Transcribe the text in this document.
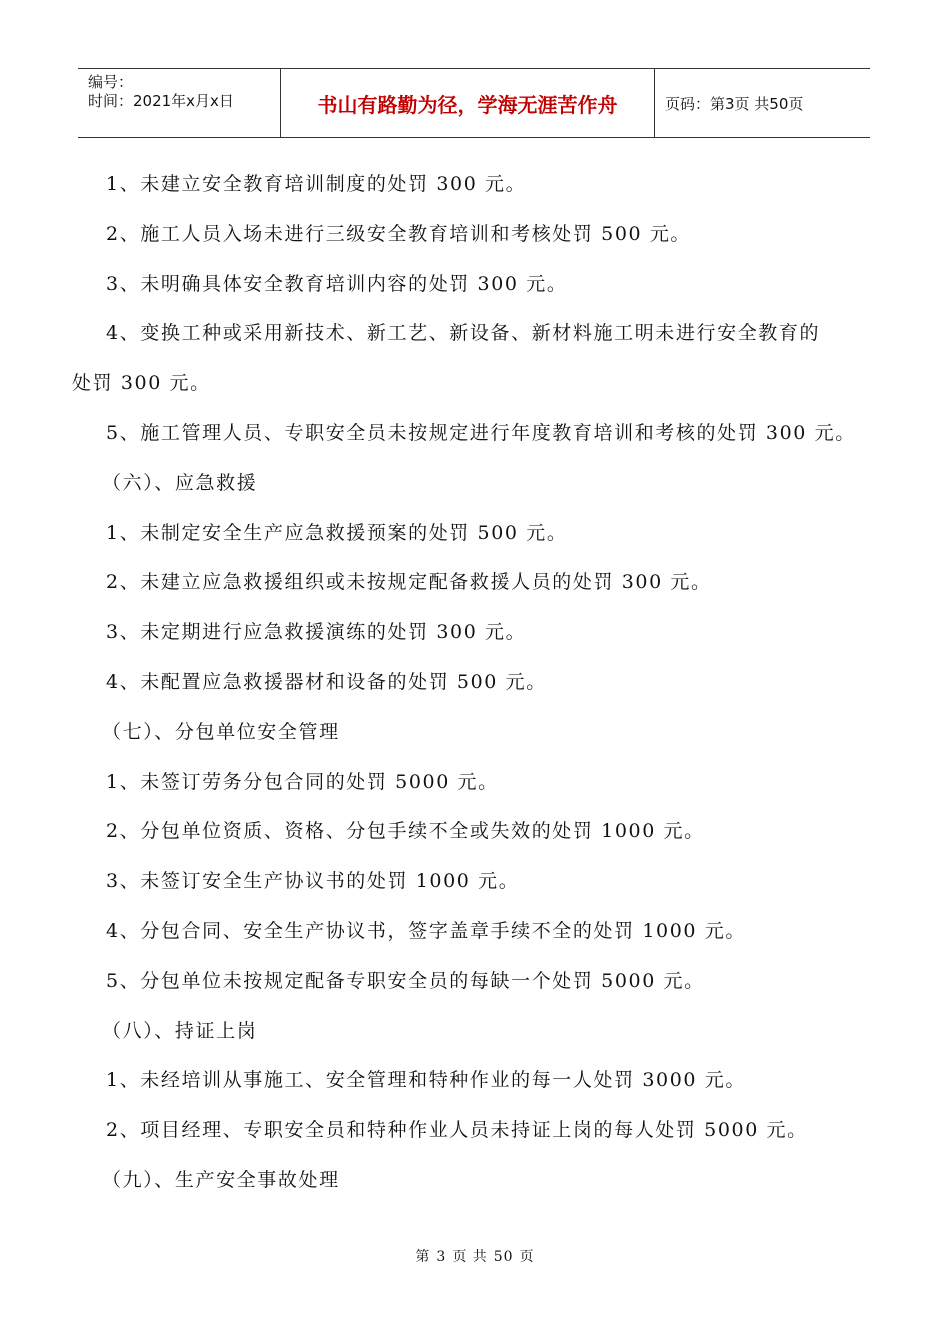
编号：
时间：2021年x月x日	书山有路勤为径，学海无涯苦作舟	页码：第3页 共50页
1、未建立安全教育培训制度的处罚 300 元。
2、施工人员入场未进行三级安全教育培训和考核处罚 500 元。
3、未明确具体安全教育培训内容的处罚 300 元。
4、变换工种或采用新技术、新工艺、新设备、新材料施工明未进行安全教育的
处罚 300 元。
5、施工管理人员、专职安全员未按规定进行年度教育培训和考核的处罚 300 元。
（六）、应急救援
1、未制定安全生产应急救援预案的处罚 500 元。
2、未建立应急救援组织或未按规定配备救援人员的处罚 300 元。
3、未定期进行应急救援演练的处罚 300 元。
4、未配置应急救援器材和设备的处罚 500 元。
（七）、分包单位安全管理
1、未签订劳务分包合同的处罚 5000 元。
2、分包单位资质、资格、分包手续不全或失效的处罚 1000 元。
3、未签订安全生产协议书的处罚 1000 元。
4、分包合同、安全生产协议书，签字盖章手续不全的处罚 1000 元。
5、分包单位未按规定配备专职安全员的每缺一个处罚 5000 元。
（八）、持证上岗
1、未经培训从事施工、安全管理和特种作业的每一人处罚 3000 元。
2、项目经理、专职安全员和特种作业人员未持证上岗的每人处罚 5000 元。
（九）、生产安全事故处理
第 3 页 共 50 页
